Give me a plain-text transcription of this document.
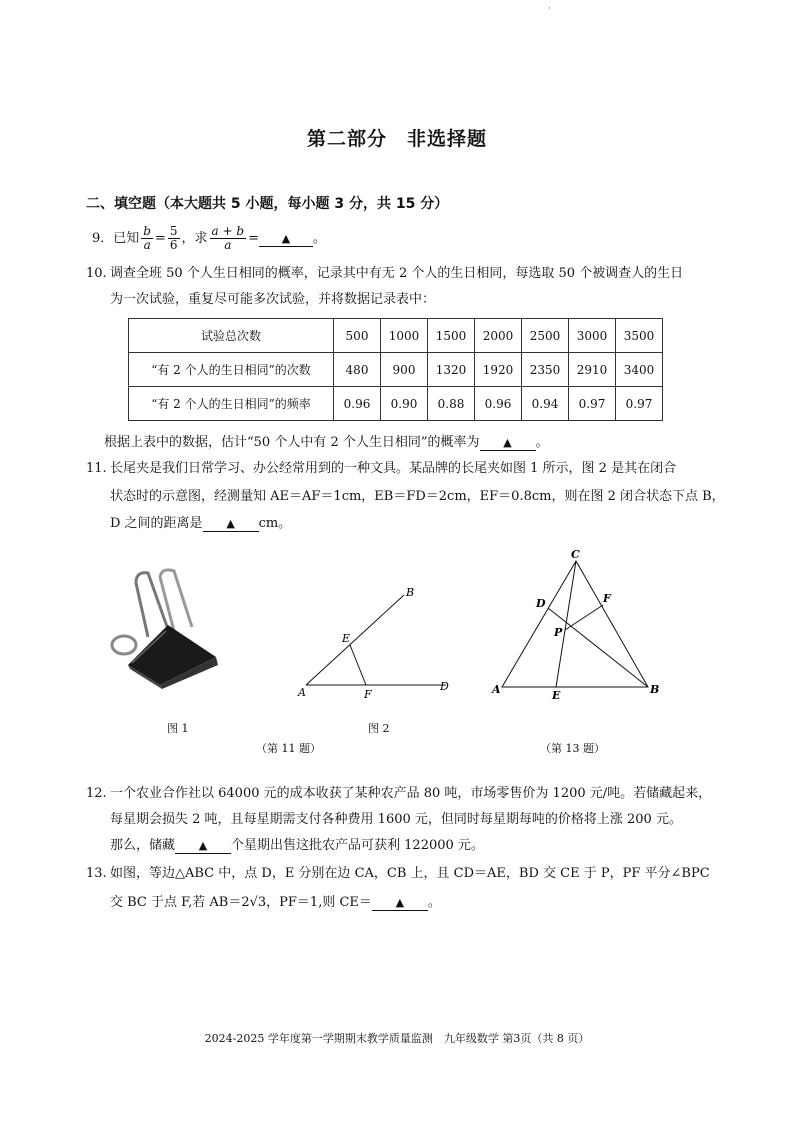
·
第二部分　非选择题
二、填空题（本大题共 5 小题，每小题 3 分，共 15 分）
9．已知 $\frac{b}{a} = \frac{5}{6}$ ，求 $\frac{a + b}{a}$ = ▲ 。
10. 调查全班 50 个人生日相同的概率，记录其中有无 2 个人的生日相同，每选取 50 个被调查人的生日
为一次试验，重复尽可能多次试验，并将数据记录表中：
试验总次数	500	1000	1500	2000	2500	3000	3500
“有 2 个人的生日相同”的次数	480	900	1320	1920	2350	2910	3400
“有 2 个人的生日相同”的频率	0.96	0.90	0.88	0.96	0.94	0.97	0.97
根据上表中的数据，估计“50 个人中有 2 个人生日相同”的概率为 ▲ 。
11. 长尾夹是我们日常学习、办公经常用到的一种文具。某品牌的长尾夹如图 1 所示，图 2 是其在闭合
状态时的示意图，经测量知 AE＝AF＝1cm，EB＝FD＝2cm，EF＝0.8cm，则在图 2 闭合状态下点 B，
D 之间的距离是 ▲ cm。
A	F
D
E
B
图 1	图 2
（第 11 题）
C
D	F
P
A	E	B
（第 13 题）
12. 一个农业合作社以 64000 元的成本收获了某种农产品 80 吨，市场零售价为 1200 元/吨。若储藏起来，
每星期会损失 2 吨，且每星期需支付各种费用 1600 元，但同时每星期每吨的价格将上涨 200 元。
那么，储藏 ▲ 个星期出售这批农产品可获利 122000 元。
13. 如图，等边△ABC 中，点 D，E 分别在边 CA，CB 上，且 CD＝AE，BD 交 CE 于 P，PF 平分∠BPC
交 BC 于点 F,若 AB＝2√3，PF＝1,则 CE＝ ▲ 。
2024-2025 学年度第一学期期末教学质量监测　九年级数学 第3页（共 8 页）
